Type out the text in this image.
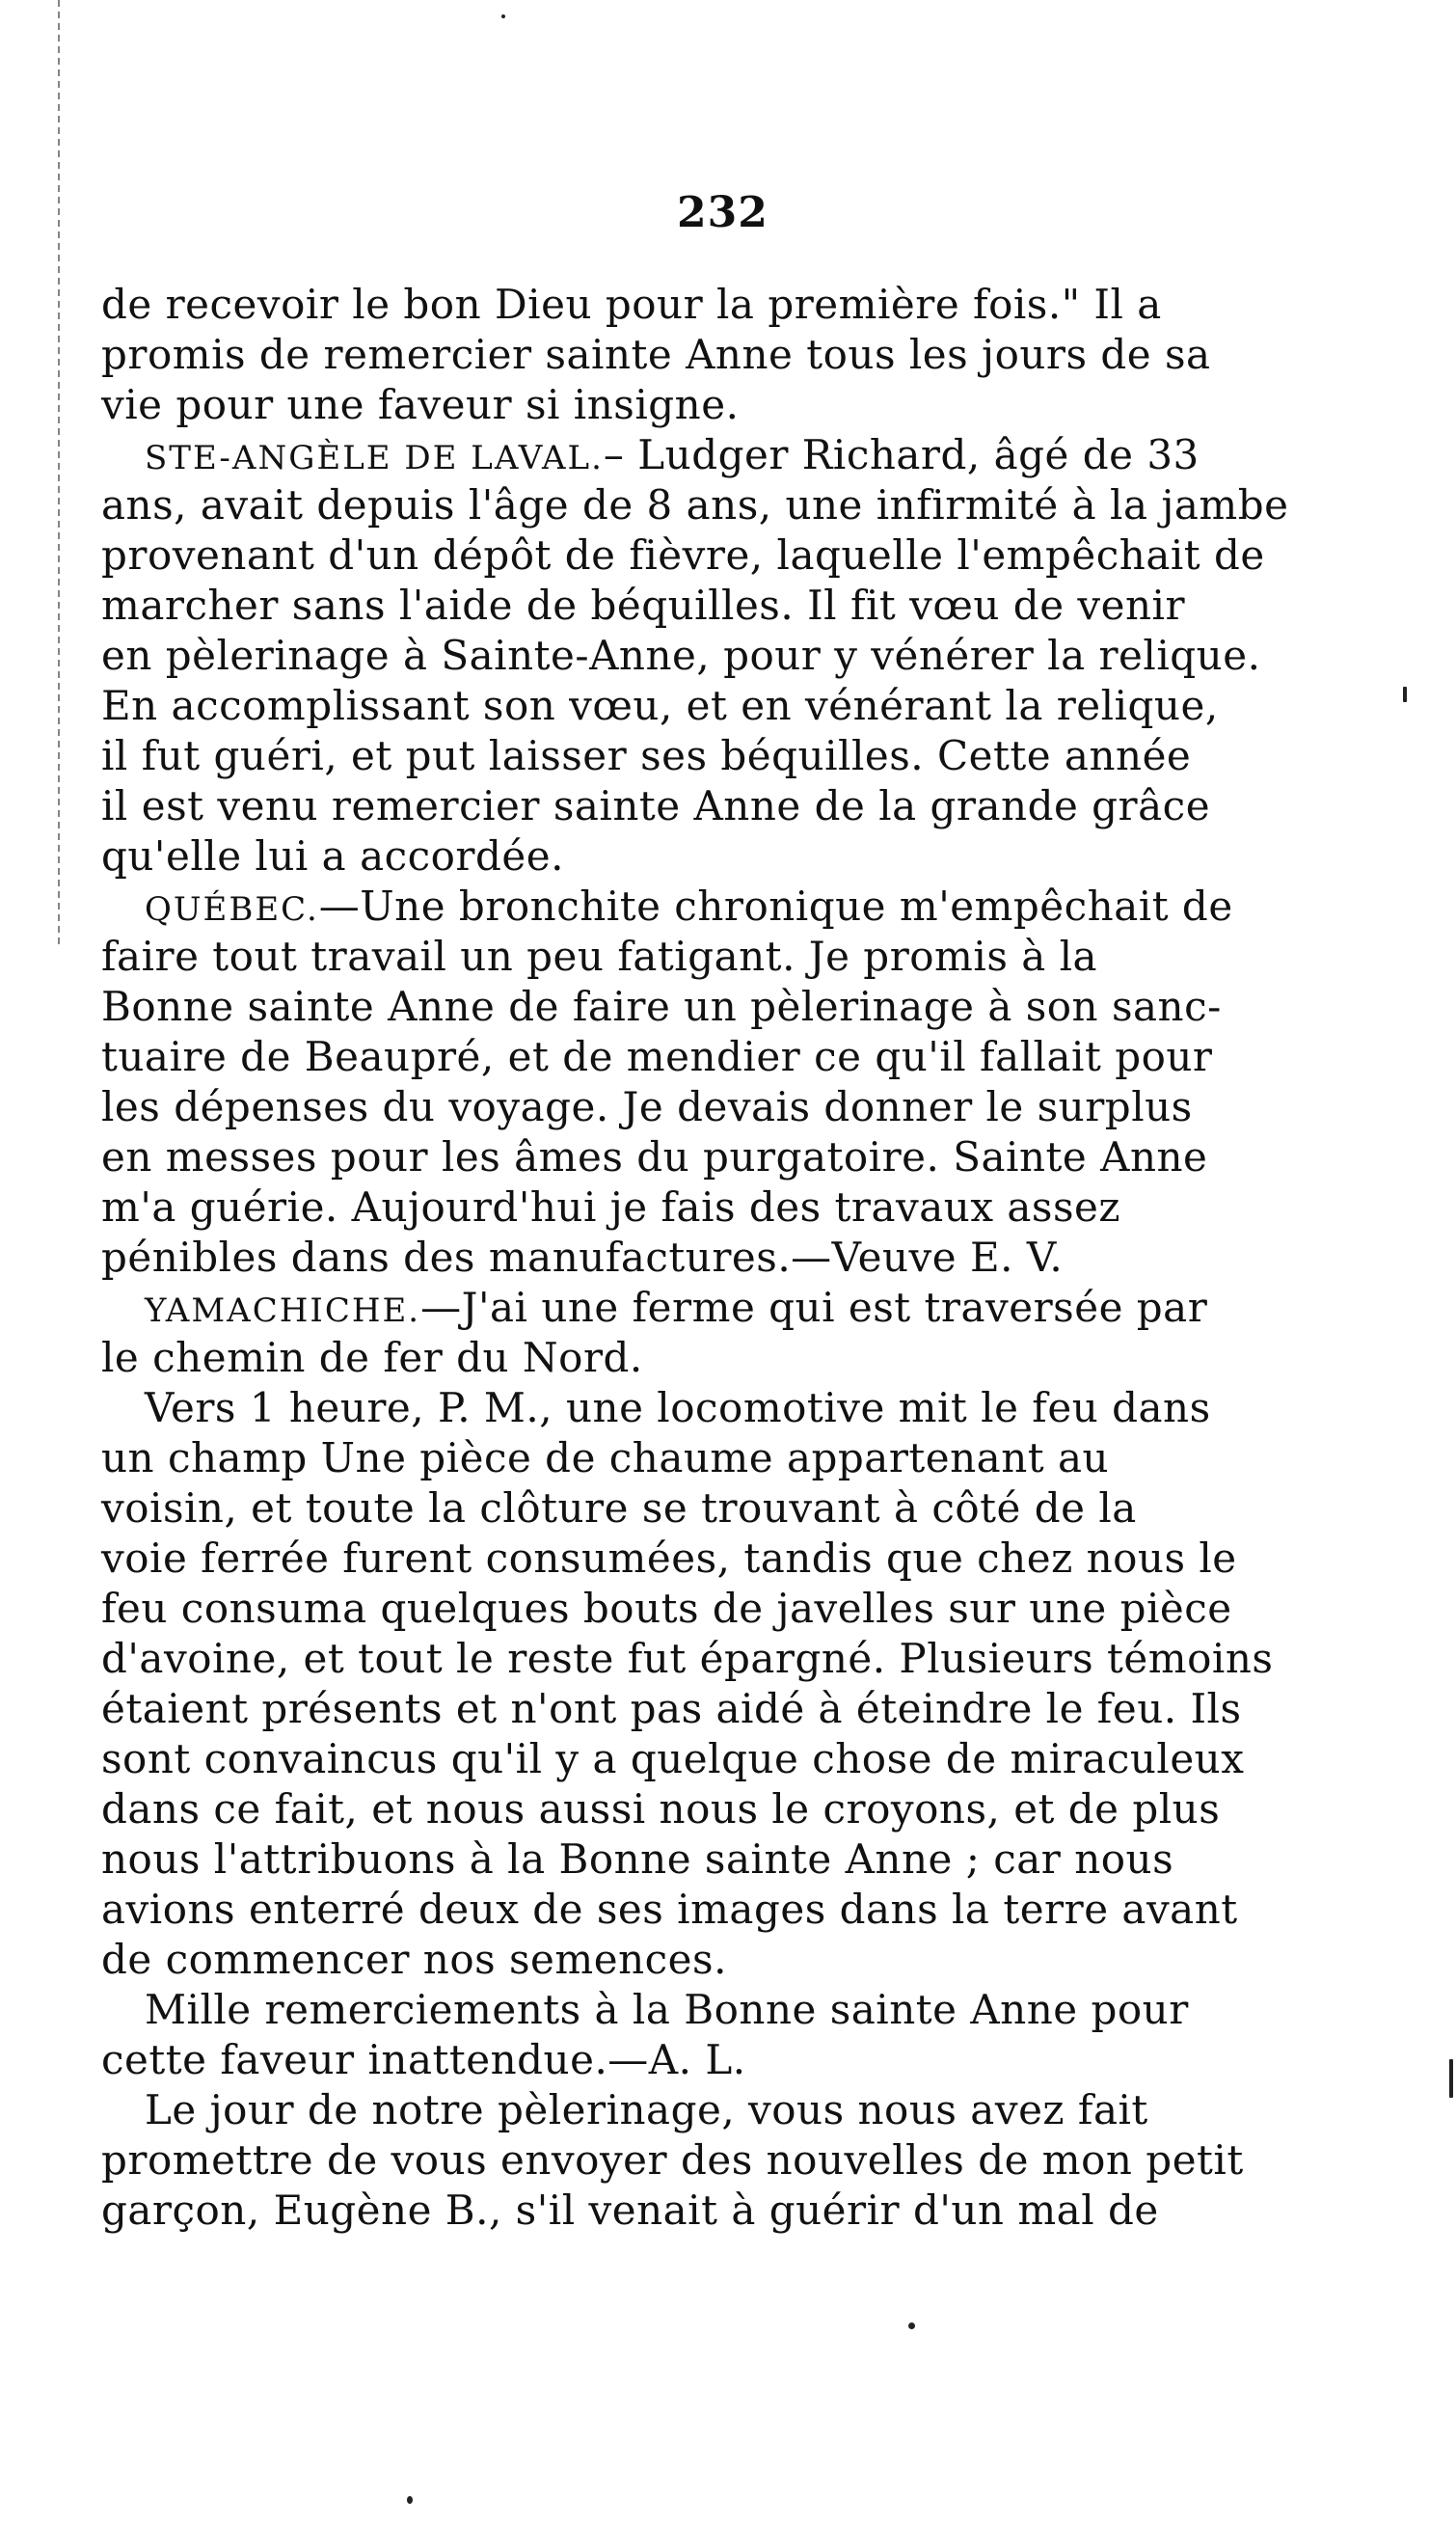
232
de recevoir le bon Dieu pour la première fois." Il a
promis de remercier sainte Anne tous les jours de sa
vie pour une faveur si insigne.
STE-ANGÈLE DE LAVAL.– Ludger Richard, âgé de 33
ans, avait depuis l'âge de 8 ans, une infirmité à la jambe
provenant d'un dépôt de fièvre, laquelle l'empêchait de
marcher sans l'aide de béquilles. Il fit vœu de venir
en pèlerinage à Sainte-Anne, pour y vénérer la relique.
En accomplissant son vœu, et en vénérant la relique,
il fut guéri, et put laisser ses béquilles. Cette année
il est venu remercier sainte Anne de la grande grâce
qu'elle lui a accordée.
QUÉBEC.—Une bronchite chronique m'empêchait de
faire tout travail un peu fatigant. Je promis à la
Bonne sainte Anne de faire un pèlerinage à son sanc-
tuaire de Beaupré, et de mendier ce qu'il fallait pour
les dépenses du voyage. Je devais donner le surplus
en messes pour les âmes du purgatoire. Sainte Anne
m'a guérie. Aujourd'hui je fais des travaux assez
pénibles dans des manufactures.—Veuve E. V.
YAMACHICHE.—J'ai une ferme qui est traversée par
le chemin de fer du Nord.
Vers 1 heure, P. M., une locomotive mit le feu dans
un champ Une pièce de chaume appartenant au
voisin, et toute la clôture se trouvant à côté de la
voie ferrée furent consumées, tandis que chez nous le
feu consuma quelques bouts de javelles sur une pièce
d'avoine, et tout le reste fut épargné. Plusieurs témoins
étaient présents et n'ont pas aidé à éteindre le feu. Ils
sont convaincus qu'il y a quelque chose de miraculeux
dans ce fait, et nous aussi nous le croyons, et de plus
nous l'attribuons à la Bonne sainte Anne ; car nous
avions enterré deux de ses images dans la terre avant
de commencer nos semences.
Mille remerciements à la Bonne sainte Anne pour
cette faveur inattendue.—A. L.
Le jour de notre pèlerinage, vous nous avez fait
promettre de vous envoyer des nouvelles de mon petit
garçon, Eugène B., s'il venait à guérir d'un mal de
